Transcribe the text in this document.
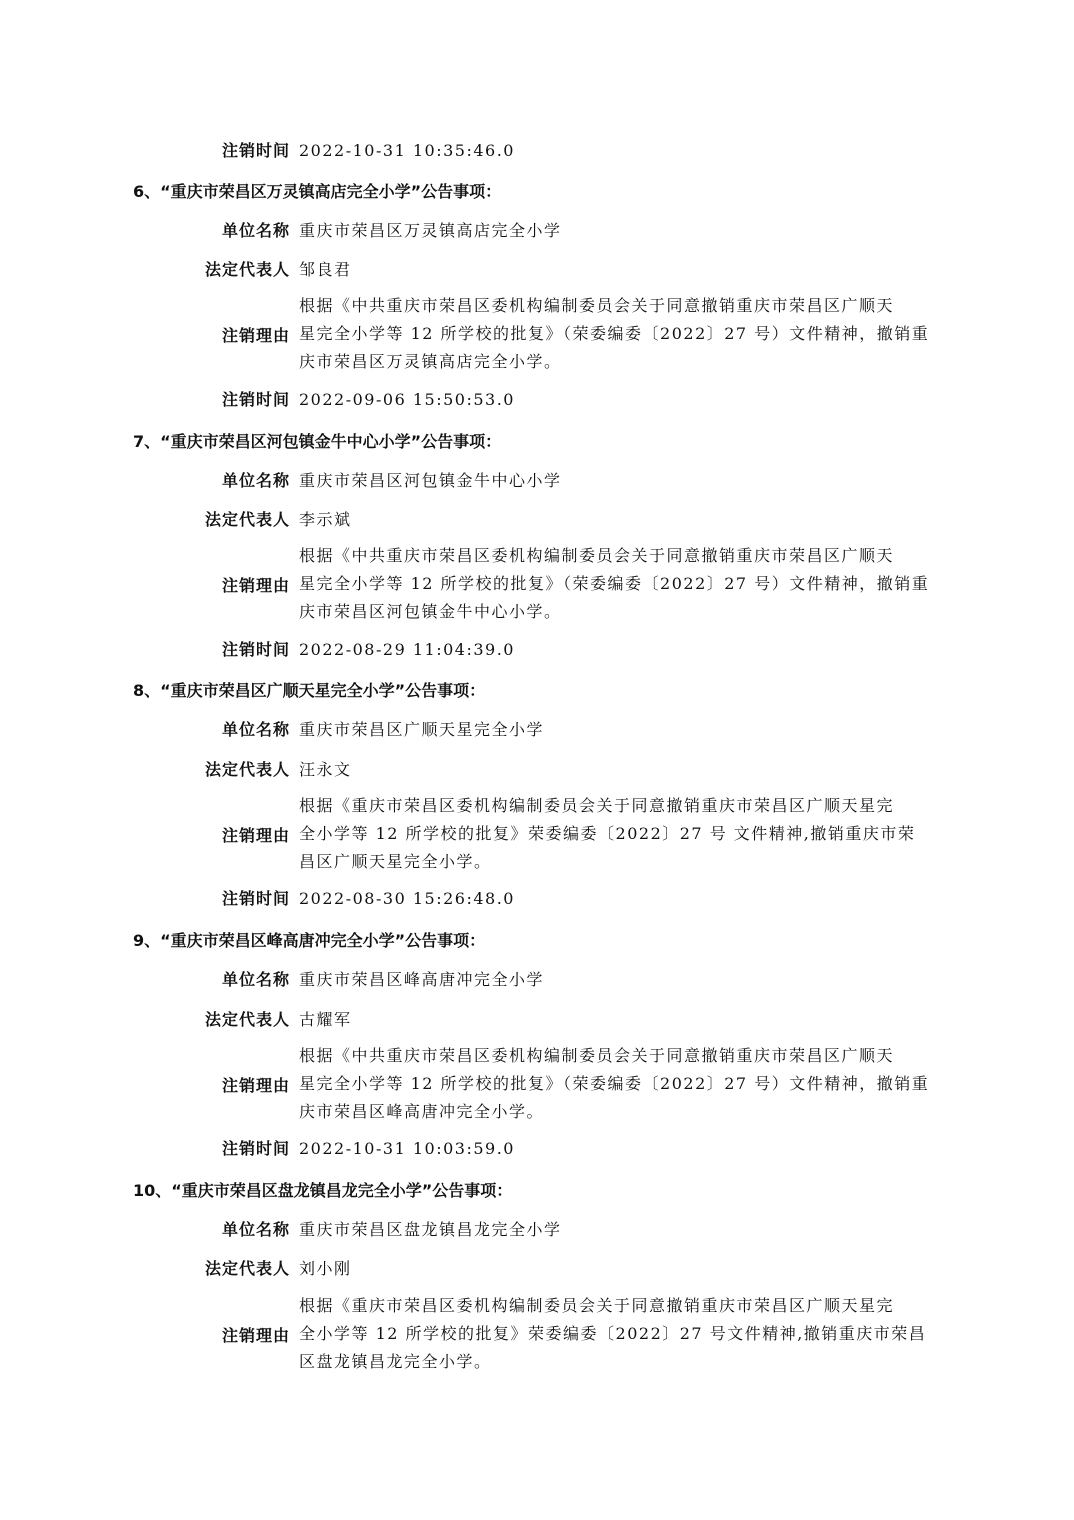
注销时间 2022-10-31 10:35:46.0
6、“重庆市荣昌区万灵镇高店完全小学”公告事项：
单位名称 重庆市荣昌区万灵镇高店完全小学
法定代表人 邹良君
注销理由
根据《中共重庆市荣昌区委机构编制委员会关于同意撤销重庆市荣昌区广顺天
星完全小学等 12 所学校的批复》（荣委编委〔2022〕27 号）文件精神，撤销重
庆市荣昌区万灵镇高店完全小学。
注销时间 2022-09-06 15:50:53.0
7、“重庆市荣昌区河包镇金牛中心小学”公告事项：
单位名称 重庆市荣昌区河包镇金牛中心小学
法定代表人 李示斌
注销理由
根据《中共重庆市荣昌区委机构编制委员会关于同意撤销重庆市荣昌区广顺天
星完全小学等 12 所学校的批复》（荣委编委〔2022〕27 号）文件精神，撤销重
庆市荣昌区河包镇金牛中心小学。
注销时间 2022-08-29 11:04:39.0
8、“重庆市荣昌区广顺天星完全小学”公告事项：
单位名称 重庆市荣昌区广顺天星完全小学
法定代表人 汪永文
注销理由
根据《重庆市荣昌区委机构编制委员会关于同意撤销重庆市荣昌区广顺天星完
全小学等 12 所学校的批复》荣委编委〔2022〕27 号 文件精神,撤销重庆市荣
昌区广顺天星完全小学。
注销时间 2022-08-30 15:26:48.0
9、“重庆市荣昌区峰高唐冲完全小学”公告事项：
单位名称 重庆市荣昌区峰高唐冲完全小学
法定代表人 古耀军
注销理由
根据《中共重庆市荣昌区委机构编制委员会关于同意撤销重庆市荣昌区广顺天
星完全小学等 12 所学校的批复》（荣委编委〔2022〕27 号）文件精神，撤销重
庆市荣昌区峰高唐冲完全小学。
注销时间 2022-10-31 10:03:59.0
10、“重庆市荣昌区盘龙镇昌龙完全小学”公告事项：
单位名称 重庆市荣昌区盘龙镇昌龙完全小学
法定代表人 刘小刚
注销理由
根据《重庆市荣昌区委机构编制委员会关于同意撤销重庆市荣昌区广顺天星完
全小学等 12 所学校的批复》荣委编委〔2022〕27 号文件精神,撤销重庆市荣昌
区盘龙镇昌龙完全小学。
